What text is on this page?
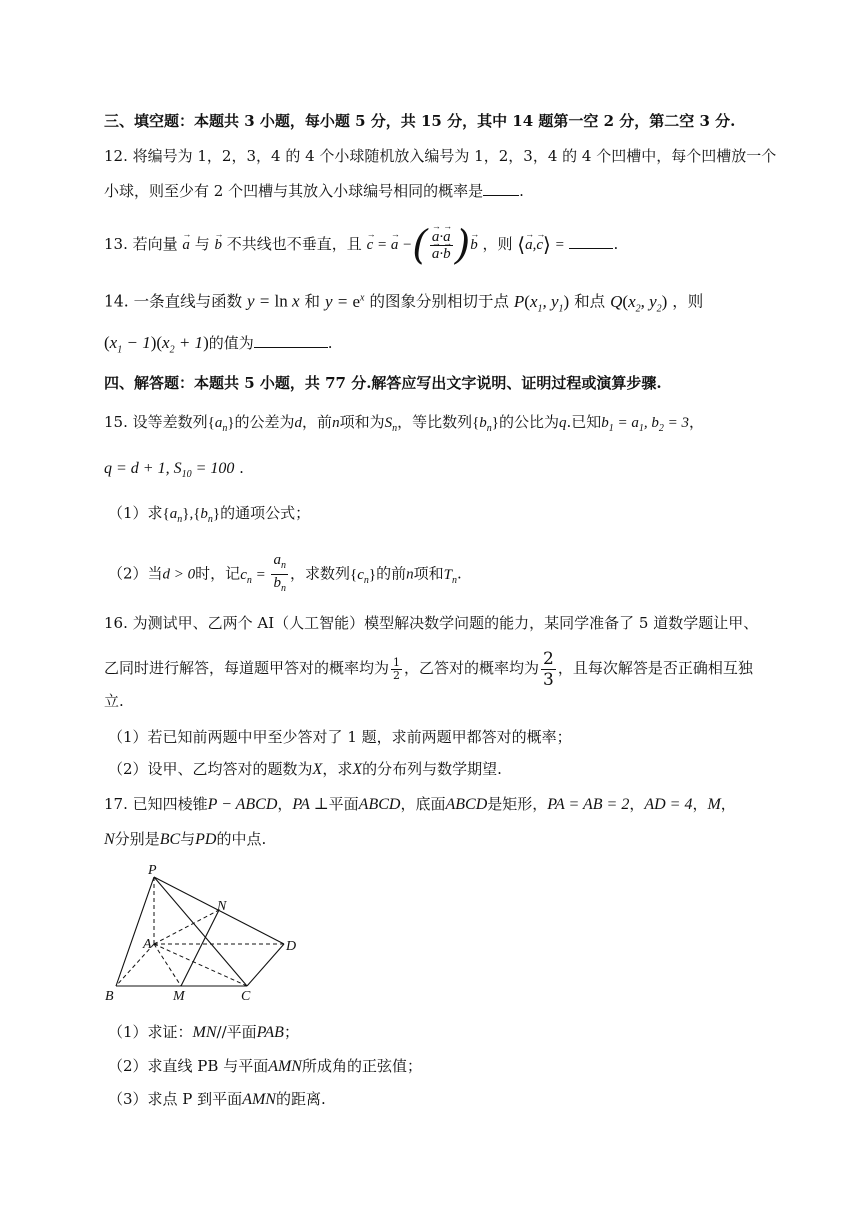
三、填空题：本题共 3 小题，每小题 5 分，共 15 分，其中 14 题第一空 2 分，第二空 3 分.
12. 将编号为 1，2，3，4 的 4 个小球随机放入编号为 1，2，3，4 的 4 个凹槽中，每个凹槽放一个
小球，则至少有 2 个凹槽与其放入小球编号相同的概率是 .
13. 若向量 → a 与 → b 不共线也不垂直，且 → c = → a −( → a·→ a
→ a·→ b )→ b ，则 ⟨→ a,→ c⟩ =	.
14. 一条直线与函数 y = ln x 和 $y = e^x$ 的图象分别相切于点 $P(x_1$, $y_1$) 和点 $Q(x_2$, $y_2$) ，则
$(x_1 - 1)(x_2 + 1)$的值为	.
四、解答题：本题共 5 小题，共 77 分.解答应写出文字说明、证明过程或演算步骤.
15. 设等差数列$\{a_n\}$的公差为d，前n项和为$S_n$，等比数列$\{b_n\}$的公比为q.已知$b_1 = a_1$, $b_2 = 3$，
q = d + 1, $S_{10} = 100$ .
（1）求$\{a_n\},\{b_n\}$的通项公式；
（2）当d > 0时，记$c_n = \frac{a_n}{b_n}$ ，求数列$\{c_n\}$的前n项和$T_n$.
16. 为测试甲、乙两个 AI（人工智能）模型解决数学问题的能力，某同学准备了 5 道数学题让甲、
乙同时进行解答，每道题甲答对的概率均为 $\frac{1}{2}$ ，乙答对的概率均为 $\frac{2}{3}$ ，且每次解答是否正确相互独
立.
（1）若已知前两题中甲至少答对了 1 题，求前两题甲都答对的概率；
（2）设甲、乙均答对的题数为X，求X的分布列与数学期望.
17. 已知四棱锥P − ABCD，PA ⊥平面ABCD，底面ABCD是矩形，PA = AB = 2，AD = 4，M，
N分别是BC与PD的中点.
P
N
A	D
B	M	C
（1）求证：MN//平面PAB；
（2）求直线 PB 与平面AMN所成角的正弦值；
（3）求点 P 到平面AMN的距离.
